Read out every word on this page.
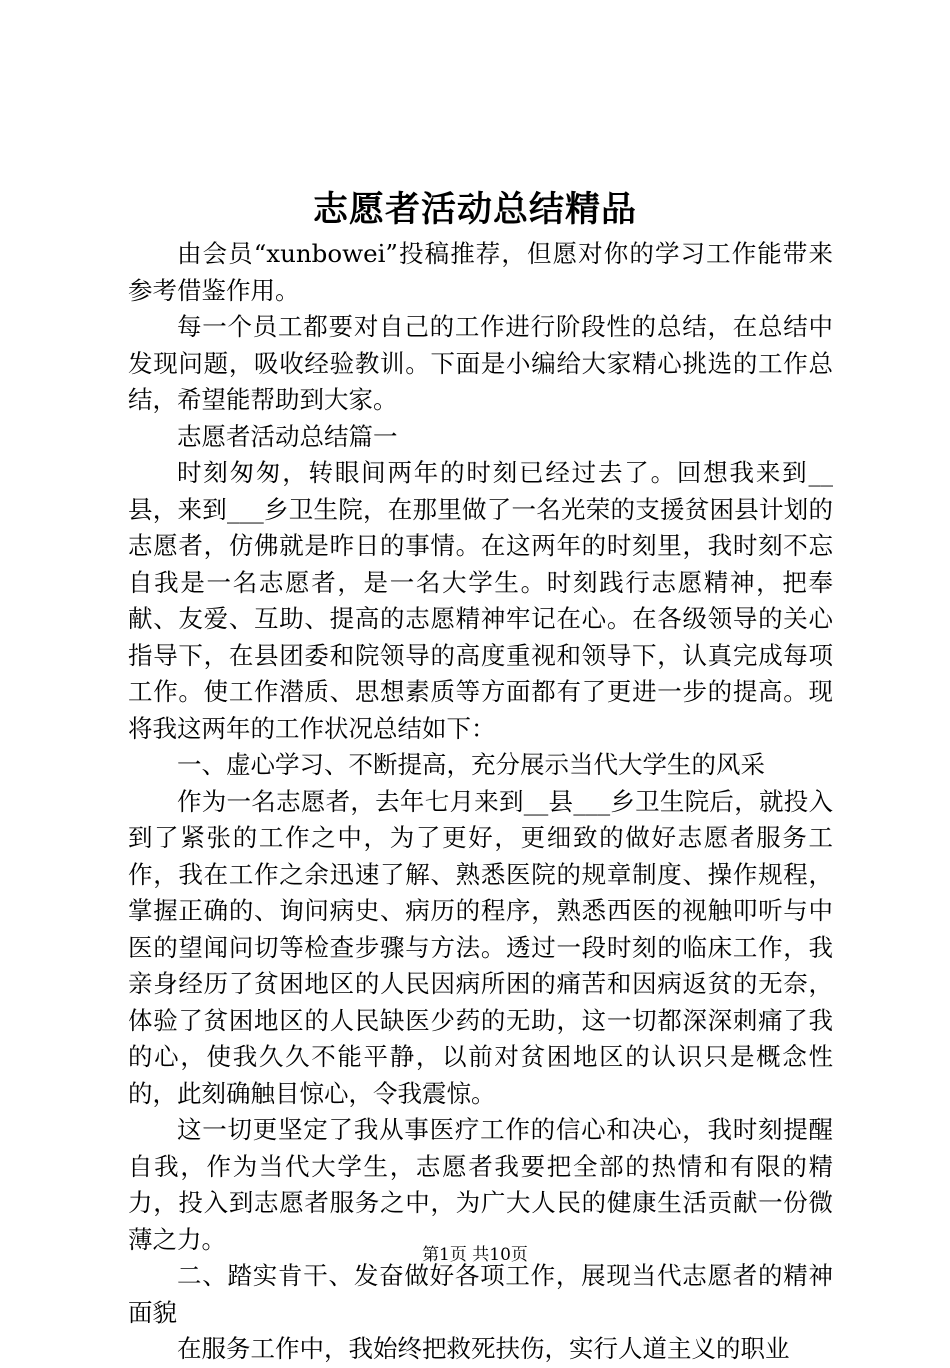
志愿者活动总结精品

由会员“xunbowei”投稿推荐，但愿对你的学习工作能带来参考借鉴作用。

每一个员工都要对自己的工作进行阶段性的总结，在总结中发现问题，吸收经验教训。下面是小编给大家精心挑选的工作总结，希望能帮助到大家。

志愿者活动总结篇一

时刻匆匆，转眼间两年的时刻已经过去了。回想我来到__县，来到___乡卫生院，在那里做了一名光荣的支援贫困县计划的志愿者，仿佛就是昨日的事情。在这两年的时刻里，我时刻不忘自我是一名志愿者，是一名大学生。时刻践行志愿精神，把奉献、友爱、互助、提高的志愿精神牢记在心。在各级领导的关心指导下，在县团委和院领导的高度重视和领导下，认真完成每项工作。使工作潜质、思想素质等方面都有了更进一步的提高。现将我这两年的工作状况总结如下：

一、虚心学习、不断提高，充分展示当代大学生的风采

作为一名志愿者，去年七月来到__县___乡卫生院后，就投入到了紧张的工作之中，为了更好，更细致的做好志愿者服务工作，我在工作之余迅速了解、熟悉医院的规章制度、操作规程，掌握正确的、询问病史、病历的程序，熟悉西医的视触叩听与中医的望闻问切等检查步骤与方法。透过一段时刻的临床工作，我亲身经历了贫困地区的人民因病所困的痛苦和因病返贫的无奈，体验了贫困地区的人民缺医少药的无助，这一切都深深刺痛了我的心，使我久久不能平静，以前对贫困地区的认识只是概念性的，此刻确触目惊心，令我震惊。

这一切更坚定了我从事医疗工作的信心和决心，我时刻提醒自我，作为当代大学生，志愿者我要把全部的热情和有限的精力，投入到志愿者服务之中，为广大人民的健康生活贡献一份微薄之力。

二、踏实肯干、发奋做好各项工作，展现当代志愿者的精神面貌

在服务工作中，我始终把救死扶伤，实行人道主义的职业

第1页 共10页
